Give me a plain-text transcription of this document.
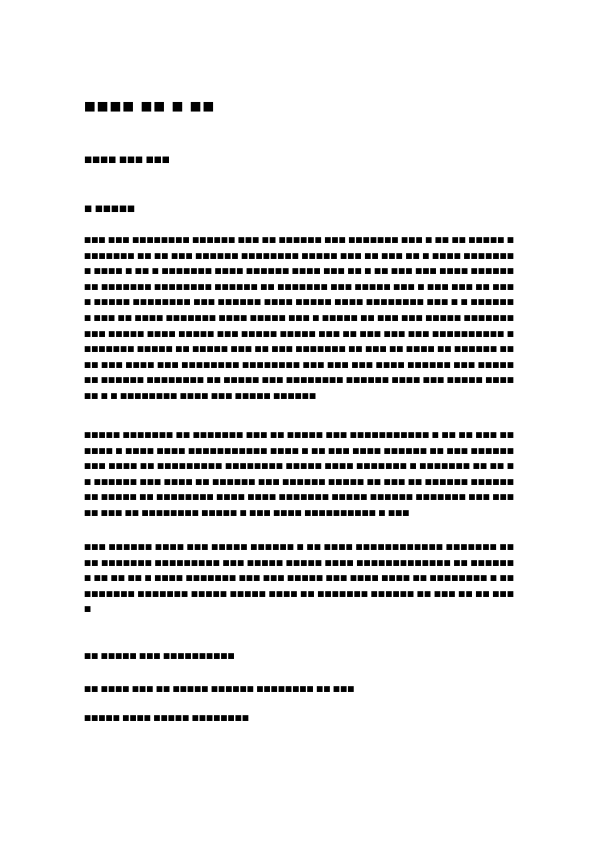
■■■■ ■■ ■ ■■
■■■■ ■■■ ■■■
■ ■■■■■
■■■ ■■■ ■■■■■■■■ ■■■■■■ ■■■ ■■ ■■■■■■ ■■■ ■■■■■■■ ■■■ ■ ■■ ■■ ■■■■■ ■■■■■■■■ ■■ ■■ ■■■ ■■■■■■ ■■■■■■■■ ■■■■■ ■■■ ■■ ■■■ ■■ ■ ■■■■ ■■■■■■■ ■ ■■■■ ■ ■■ ■ ■■■■■■■ ■■■■ ■■■■■■ ■■■■ ■■■ ■■ ■ ■■ ■■■ ■■■ ■■■■ ■■■■■■■■ ■■■■■■■ ■■■■■■■■ ■■■■■■ ■■ ■■■■■■■ ■■■ ■■■■■ ■■■ ■ ■■■ ■■■ ■■ ■■■■ ■■■■■ ■■■■■■■■ ■■■ ■■■■■■ ■■■■ ■■■■■ ■■■■ ■■■■■■■■ ■■■ ■ ■ ■■■■■■■ ■■■ ■■ ■■■■ ■■■■■■■ ■■■■ ■■■■■ ■■■ ■ ■■■■■ ■■ ■■■ ■■■ ■■■■■ ■■■■■■■■■■ ■■■■■ ■■■■ ■■■■■ ■■■ ■■■■■ ■■■■■ ■■■ ■■ ■■■ ■■■ ■■■ ■■■■■■■■■■ ■■■■■■■■ ■■■■■ ■■ ■■■■■ ■■■ ■■ ■■■ ■■■■■■■ ■■ ■■■ ■■ ■■■■ ■■ ■■■■■■ ■■■■ ■■■ ■■■■ ■■■ ■■■■■■■■ ■■■■■■■■ ■■■ ■■■ ■■■ ■■■■ ■■■■■■ ■■■ ■■■■■ ■■ ■■■■■■ ■■■■■■■■ ■■ ■■■■■ ■■■ ■■■■■■■■ ■■■■■■ ■■■■ ■■■ ■■■■■ ■■■■■■ ■ ■ ■■■■■■■■ ■■■■ ■■■ ■■■■■ ■■■■■■
■■■■■ ■■■■■■■ ■■ ■■■■■■■ ■■■ ■■ ■■■■■ ■■■ ■■■■■■■■■■■ ■ ■■ ■■ ■■■ ■■■■■■ ■ ■■■■ ■■■■ ■■■■■■■■■■■ ■■■■ ■ ■■ ■■■ ■■■■ ■■■■■■ ■■ ■■■ ■■■■■■ ■■■ ■■■■ ■■ ■■■■■■■■■ ■■■■■■■■ ■■■■■ ■■■■ ■■■■■■■ ■ ■■■■■■■ ■■ ■■ ■■ ■■■■■■ ■■■ ■■■■ ■■ ■■■■■■ ■■■ ■■■■■■ ■■■■■ ■■ ■■■ ■■ ■■■■■■ ■■■■■■ ■■ ■■■■■ ■■ ■■■■■■■■ ■■■■ ■■■■ ■■■■■■■ ■■■■■ ■■■■■■ ■■■■■■■ ■■■ ■■■■■ ■■■ ■■ ■■■■■■■■ ■■■■■ ■ ■■■ ■■■■ ■■■■■■■■■■ ■ ■■■
■■■ ■■■■■■ ■■■■ ■■■ ■■■■■ ■■■■■■ ■ ■■ ■■■■ ■■■■■■■■■■■■ ■■■■■■■ ■■ ■■ ■■■■■■■ ■■■■■■■■■ ■■■ ■■■■■ ■■■■■ ■■■■ ■■■■■■■■■■■■■ ■■ ■■■■■■■ ■■ ■■ ■■ ■ ■■■■ ■■■■■■■ ■■■ ■■■ ■■■■■ ■■■ ■■■■ ■■■■ ■■ ■■■■■■■■ ■ ■■■■■■■■■ ■■■■■■■ ■■■■■ ■■■■■ ■■■■ ■■ ■■■■■■■ ■■■■■■ ■■ ■■■ ■■ ■■ ■■■■
■■ ■■■■■ ■■■ ■■■■■■■■■■
■■ ■■■■ ■■■ ■■ ■■■■■ ■■■■■■ ■■■■■■■■ ■■ ■■■
■■■■■ ■■■■ ■■■■■ ■■■■■■■■
